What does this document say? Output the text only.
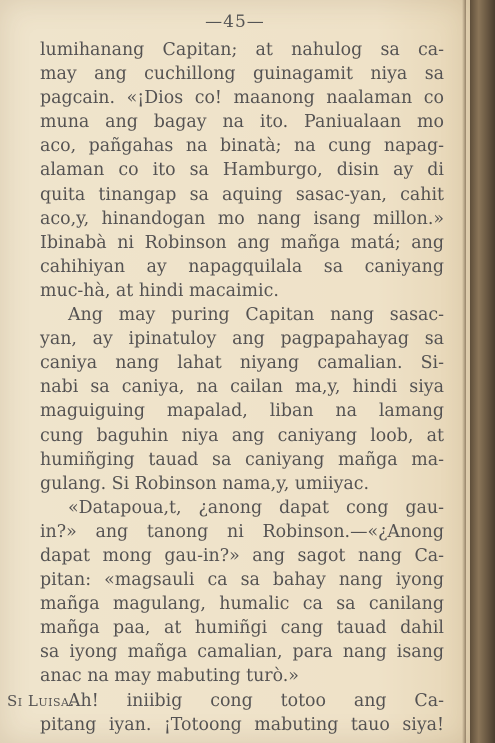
—45—
lumihanang Capitan; at nahulog sa ca-
may ang cuchillong guinagamit niya sa
pagcain. «¡Dios co! maanong naalaman co
muna ang bagay na ito. Paniualaan mo
aco, pañgahas na binatà; na cung napag-
alaman co ito sa Hamburgo, disin ay di
quita tinangap sa aquing sasac-yan, cahit
aco,y, hinandogan mo nang isang millon.»
Ibinabà ni Robinson ang mañga matá; ang
cahihiyan ay napagquilala sa caniyang
muc-hà, at hindi macaimic.
Ang may puring Capitan nang sasac-
yan, ay ipinatuloy ang pagpapahayag sa
caniya nang lahat niyang camalian. Si-
nabi sa caniya, na cailan ma,y, hindi siya
maguiguing mapalad, liban na lamang
cung baguhin niya ang caniyang loob, at
humiñging tauad sa caniyang mañga ma-
gulang. Si Robinson nama,y, umiiyac.
«Datapoua,t, ¿anong dapat cong gau-
in?» ang tanong ni Robinson.—«¿Anong
dapat mong gau-in?» ang sagot nang Ca-
pitan: «magsauli ca sa bahay nang iyong
mañga magulang, humalic ca sa canilang
mañga paa, at humiñgi cang tauad dahil
sa iyong mañga camalian, para nang isang
anac na may mabuting turò.»
Si Luisa.
Ah! iniibig cong totoo ang Ca-
pitang iyan. ¡Totoong mabuting tauo siya!
